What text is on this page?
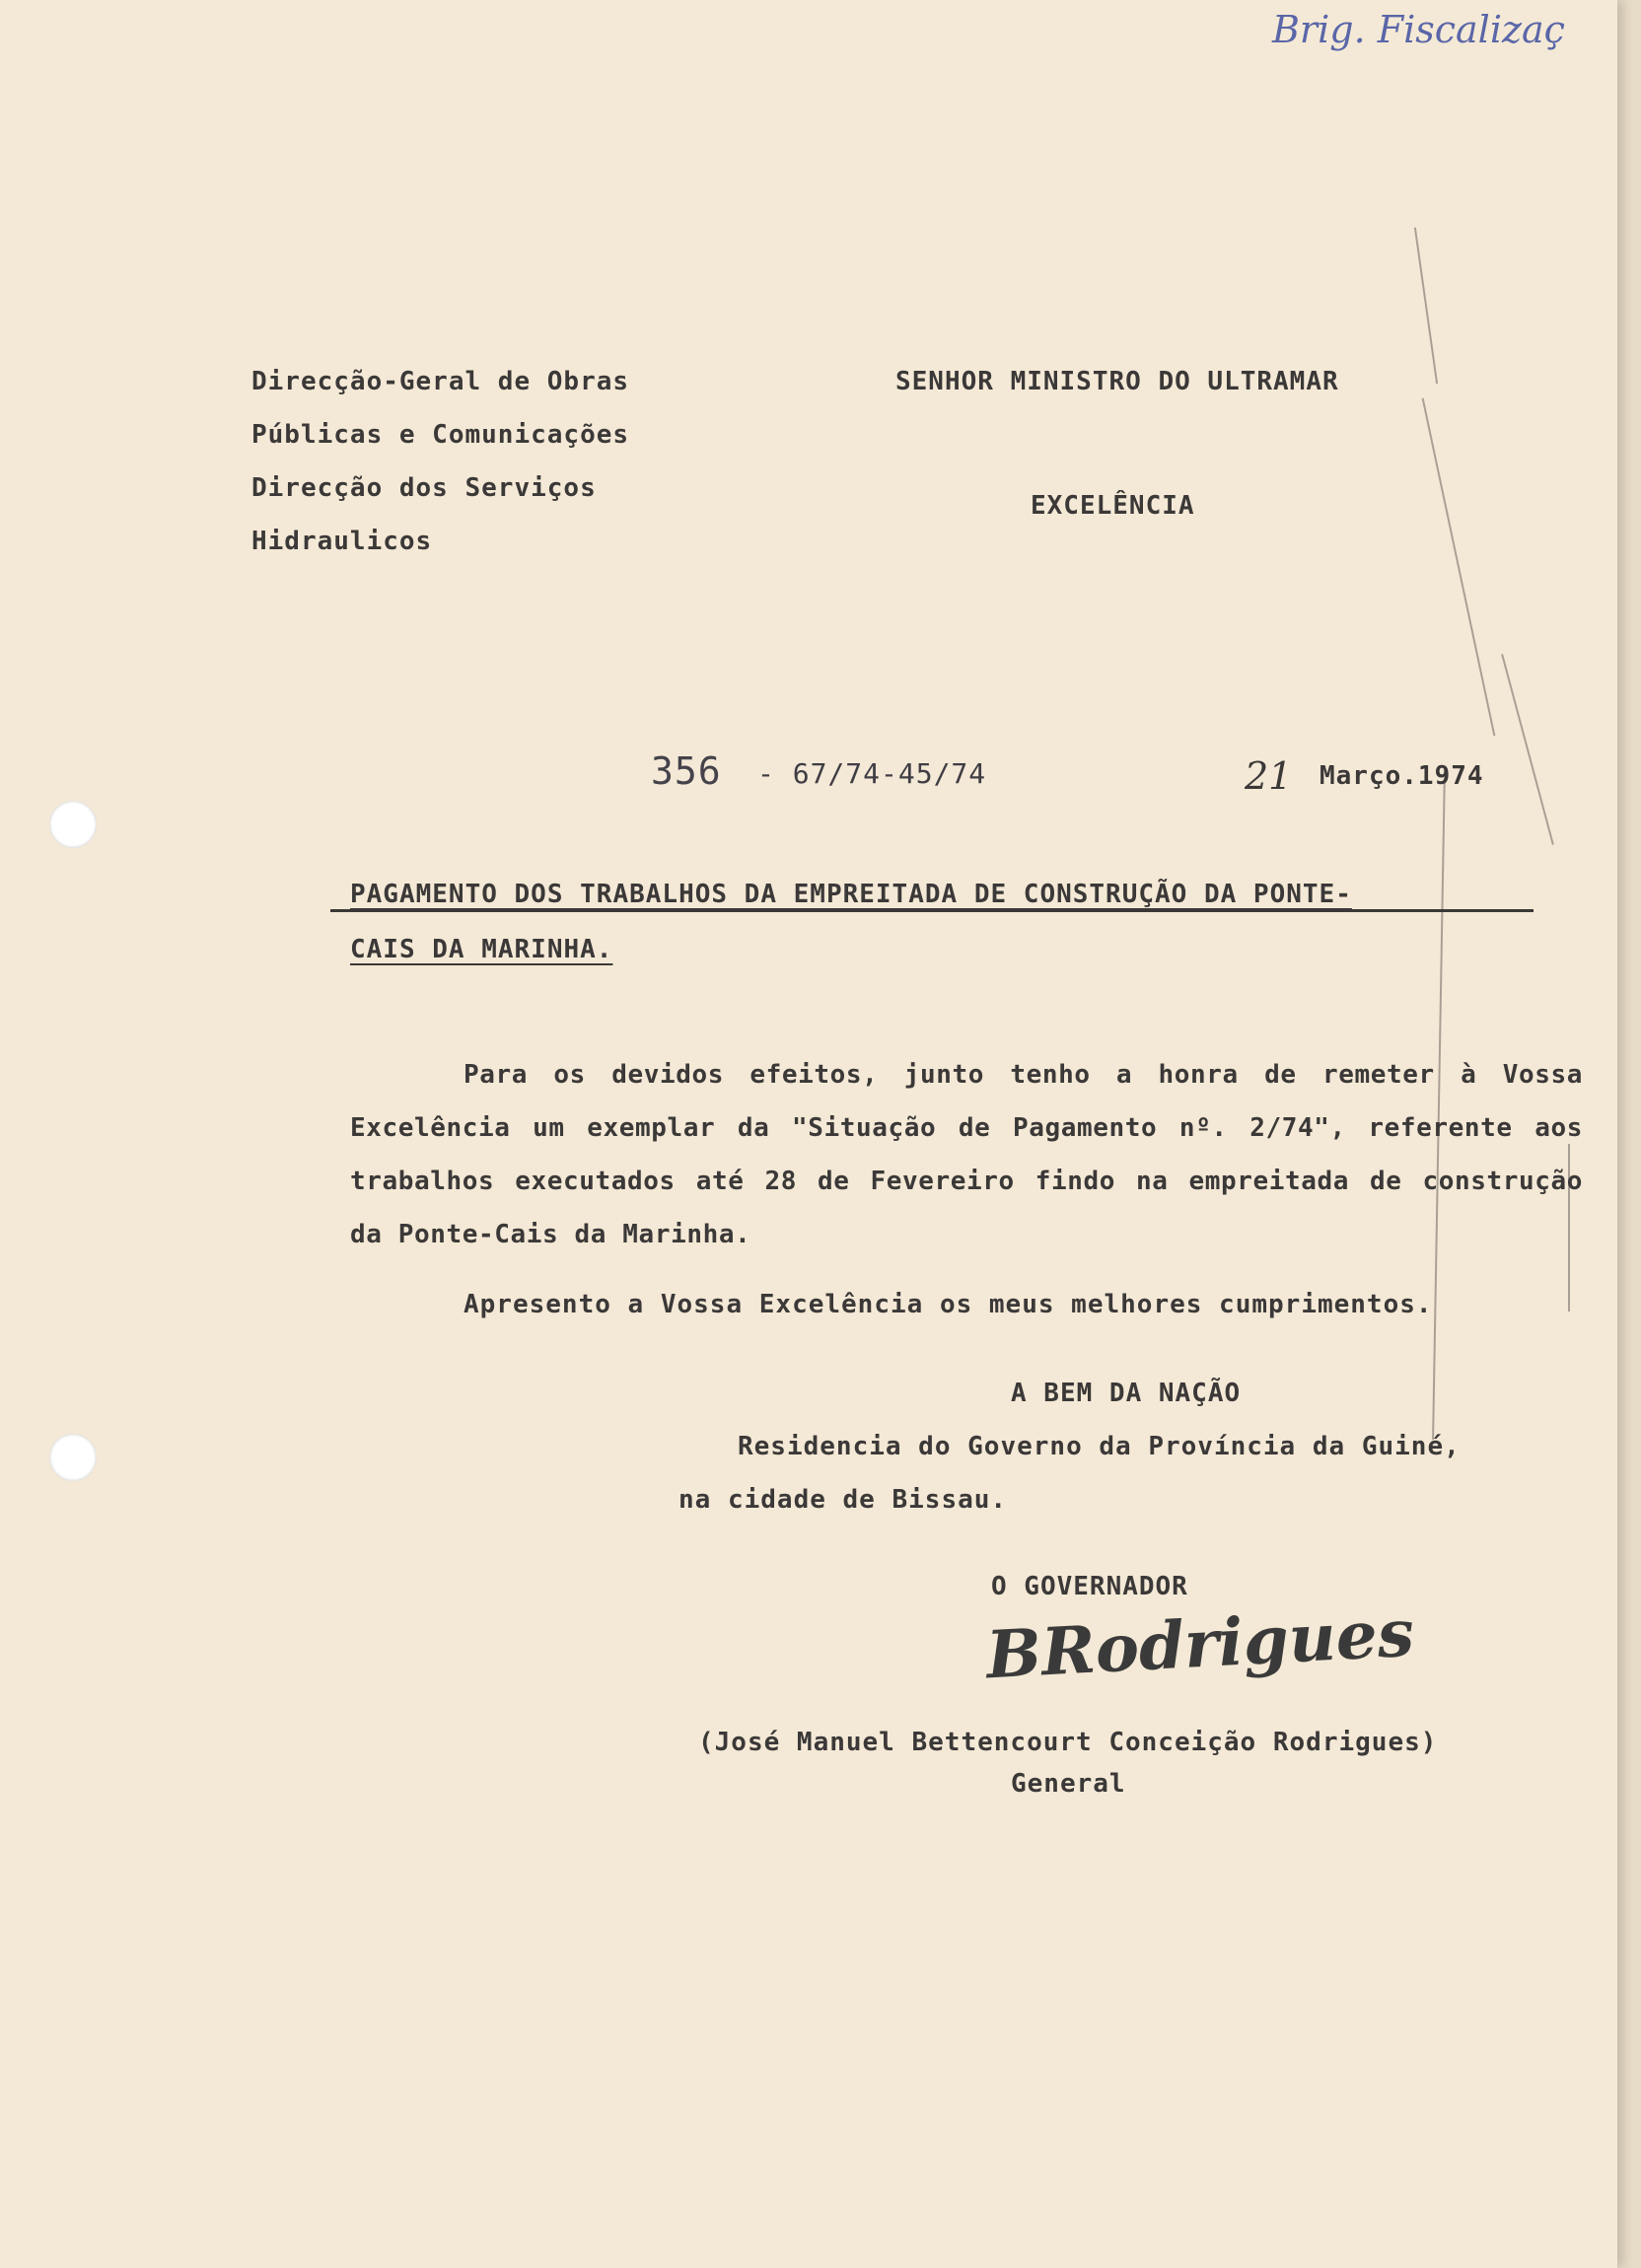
Brig. Fiscalizaç
Direcção-Geral de Obras
Públicas e Comunicações
Direcção dos Serviços
Hidraulicos
SENHOR MINISTRO DO ULTRAMAR
EXCELÊNCIA
356 - 67/74-45/74	21 Março.1974
PAGAMENTO DOS TRABALHOS DA EMPREITADA DE CONSTRUÇÃO DA PONTE-
CAIS DA MARINHA.

Para os devidos efeitos, junto tenho a honra de remeter à Vossa Excelência um exemplar da "Situação de Pagamento nº. 2/74", referente aos trabalhos executados até 28 de Fevereiro findo na empreitada de construção da Ponte-Cais da Marinha.

Apresento a Vossa Excelência os meus melhores cumprimentos.
A BEM DA NAÇÃO
Residencia do Governo da Província da Guiné,
na cidade de Bissau.
O GOVERNADOR
BRodrigues
(José Manuel Bettencourt Conceição Rodrigues)
General
